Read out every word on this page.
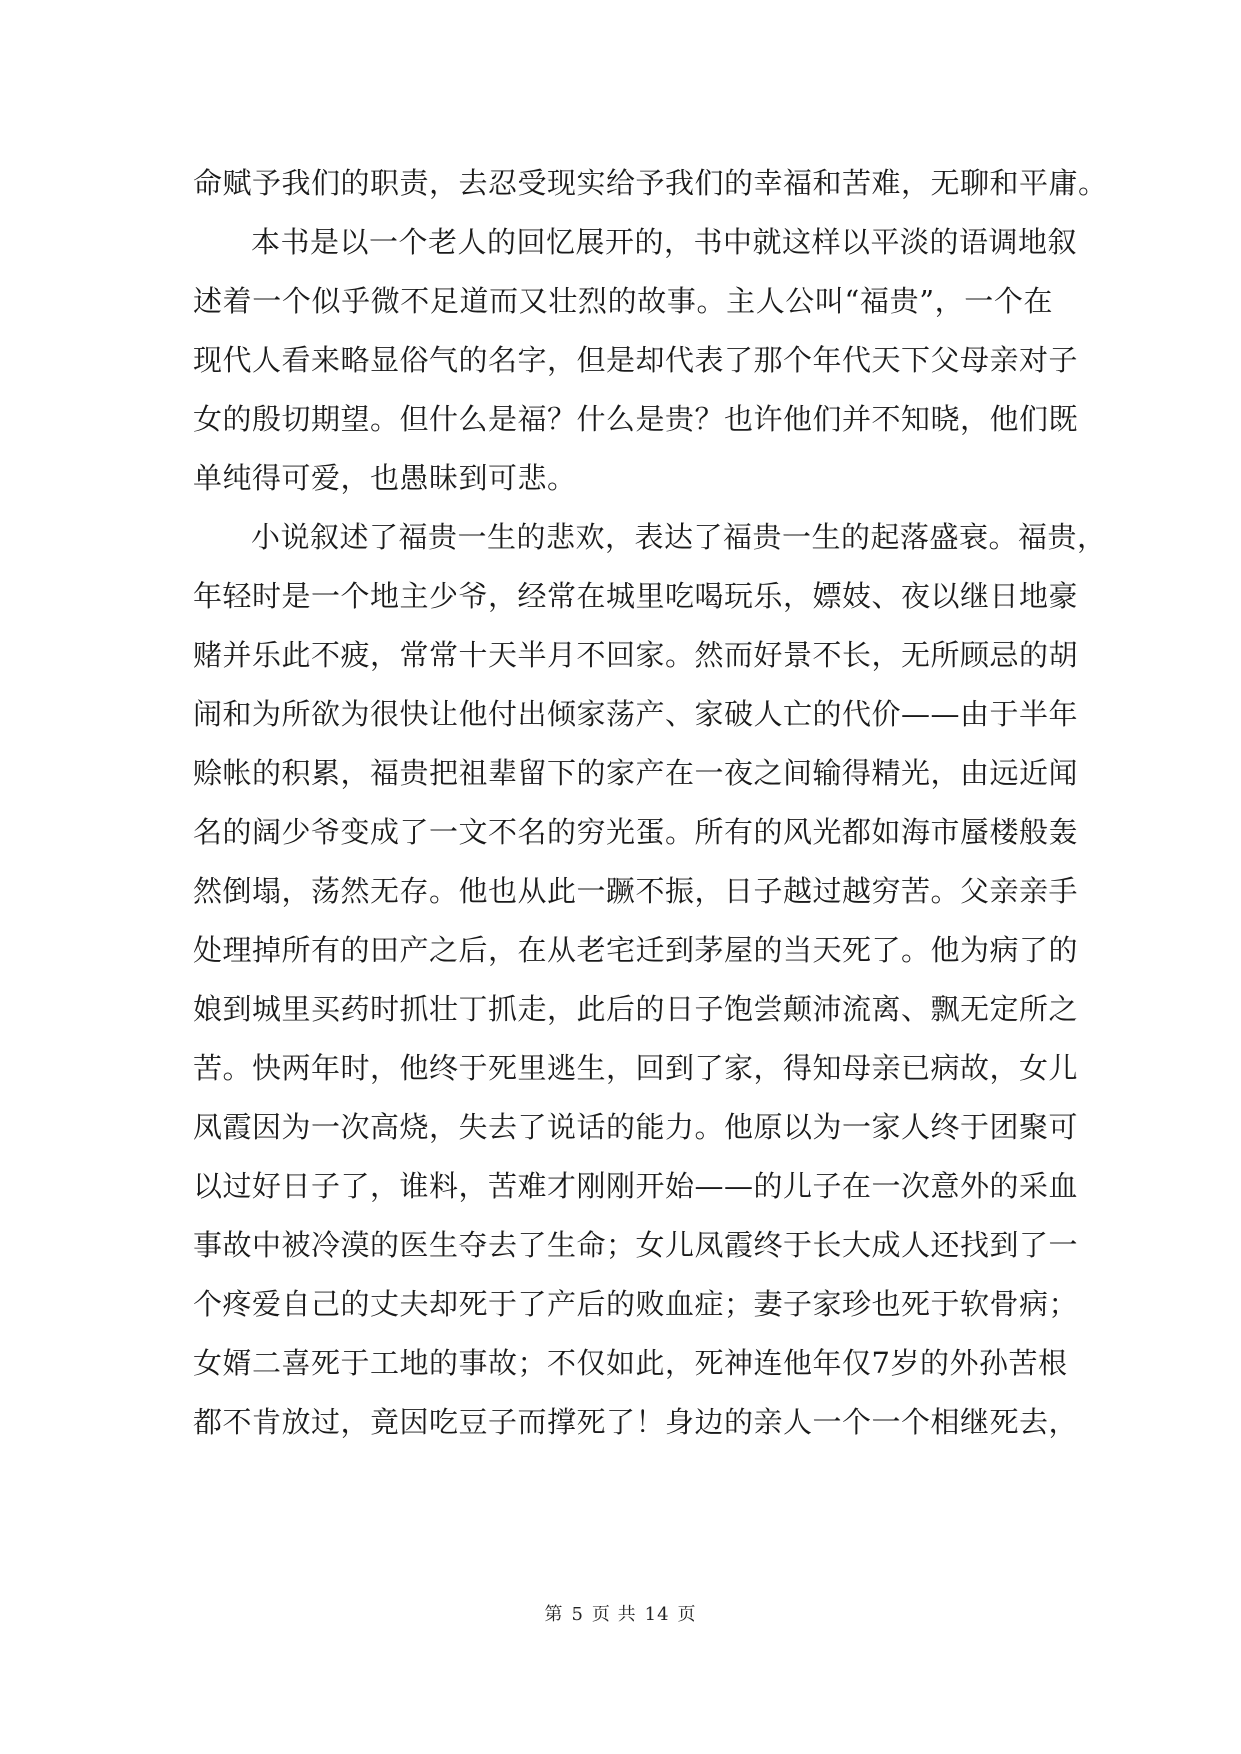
命赋予我们的职责，去忍受现实给予我们的幸福和苦难，无聊和平庸。
本书是以一个老人的回忆展开的，书中就这样以平淡的语调地叙
述着一个似乎微不足道而又壮烈的故事。主人公叫“福贵”，一个在
现代人看来略显俗气的名字，但是却代表了那个年代天下父母亲对子
女的殷切期望。但什么是福？什么是贵？也许他们并不知晓，他们既
单纯得可爱，也愚昧到可悲。
小说叙述了福贵一生的悲欢，表达了福贵一生的起落盛衰。福贵，
年轻时是一个地主少爷，经常在城里吃喝玩乐，嫖妓、夜以继日地豪
赌并乐此不疲，常常十天半月不回家。然而好景不长，无所顾忌的胡
闹和为所欲为很快让他付出倾家荡产、家破人亡的代价——由于半年
赊帐的积累，福贵把祖辈留下的家产在一夜之间输得精光，由远近闻
名的阔少爷变成了一文不名的穷光蛋。所有的风光都如海市蜃楼般轰
然倒塌，荡然无存。他也从此一蹶不振，日子越过越穷苦。父亲亲手
处理掉所有的田产之后，在从老宅迁到茅屋的当天死了。他为病了的
娘到城里买药时抓壮丁抓走，此后的日子饱尝颠沛流离、飘无定所之
苦。快两年时，他终于死里逃生，回到了家，得知母亲已病故，女儿
凤霞因为一次高烧，失去了说话的能力。他原以为一家人终于团聚可
以过好日子了，谁料，苦难才刚刚开始——的儿子在一次意外的采血
事故中被冷漠的医生夺去了生命；女儿凤霞终于长大成人还找到了一
个疼爱自己的丈夫却死于了产后的败血症；妻子家珍也死于软骨病；
女婿二喜死于工地的事故；不仅如此，死神连他年仅7岁的外孙苦根
都不肯放过，竟因吃豆子而撑死了！身边的亲人一个一个相继死去，
第 5 页 共 14 页
